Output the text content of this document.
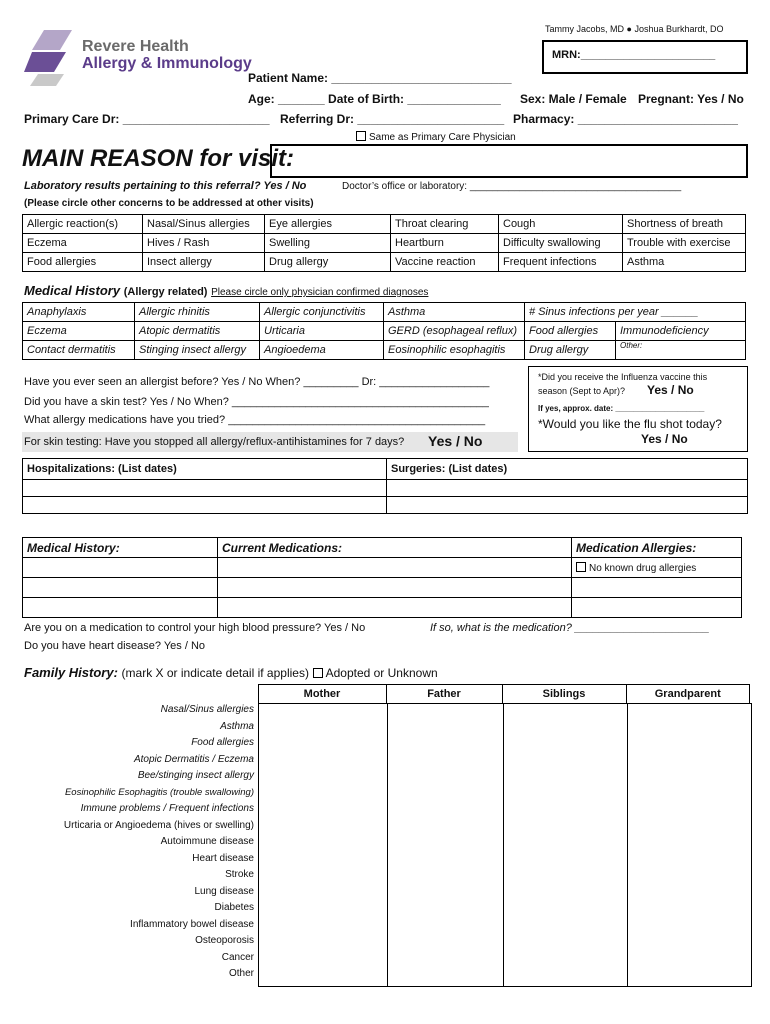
Tammy Jacobs, MD ● Joshua Burkhardt, DO
MRN:______________________
Revere Health
Allergy & Immunology
Patient Name: ___________________________
Age: _______ Date of Birth: ______________ Sex: Male / Female Pregnant: Yes / No
Primary Care Dr: ______________________ Referring Dr: ______________________ Pharmacy: ________________________
Same as Primary Care Physician
MAIN REASON for visit:
Laboratory results pertaining to this referral? Yes / No	Doctor’s office or laboratory: ______________________________________
(Please circle other concerns to be addressed at other visits)
Allergic reaction(s)	Nasal/Sinus allergies	Eye allergies	Throat clearing	Cough	Shortness of breath
Eczema	Hives / Rash	Swelling	Heartburn	Difficulty swallowing	Trouble with exercise
Food allergies	Insect allergy	Drug allergy	Vaccine reaction	Frequent infections	Asthma
Medical History (Allergy related) Please circle only physician confirmed diagnoses
Anaphylaxis	Allergic rhinitis	Allergic conjunctivitis	Asthma	# Sinus infections per year ______	
Eczema	Atopic dermatitis	Urticaria	GERD (esophageal reflux)	Food allergies	Immunodeficiency
Contact dermatitis	Stinging insect allergy	Angioedema	Eosinophilic esophagitis	Drug allergy	Other:
Have you ever seen an allergist before? Yes / No When? _________ Dr: __________________
Did you have a skin test? Yes / No When? __________________________________________
What allergy medications have you tried? __________________________________________
For skin testing: Have you stopped all allergy/reflux-antihistamines for 7 days? Yes / No
*Did you receive the Influenza vaccine this
season (Sept to Apr)? Yes / No
If yes, approx. date: ____________________
*Would you like the flu shot today?
Yes / No
Hospitalizations: (List dates)	Surgeries: (List dates)

Medical History:	Current Medications:	Medication Allergies:
		No known drug allergies

Are you on a medication to control your high blood pressure? Yes / No	If so, what is the medication? ______________________
Do you have heart disease? Yes / No
Family History: (mark X or indicate detail if applies) Adopted or Unknown
	Mother	Father	Siblings	Grandparent
Nasal/Sinus allergies
Asthma
Food allergies
Atopic Dermatitis / Eczema
Bee/stinging insect allergy
Eosinophilic Esophagitis (trouble swallowing)
Immune problems / Frequent infections
Urticaria or Angioedema (hives or swelling)
Autoimmune disease
Heart disease
Stroke
Lung disease
Diabetes
Inflammatory bowel disease
Osteoporosis
Cancer
Other
